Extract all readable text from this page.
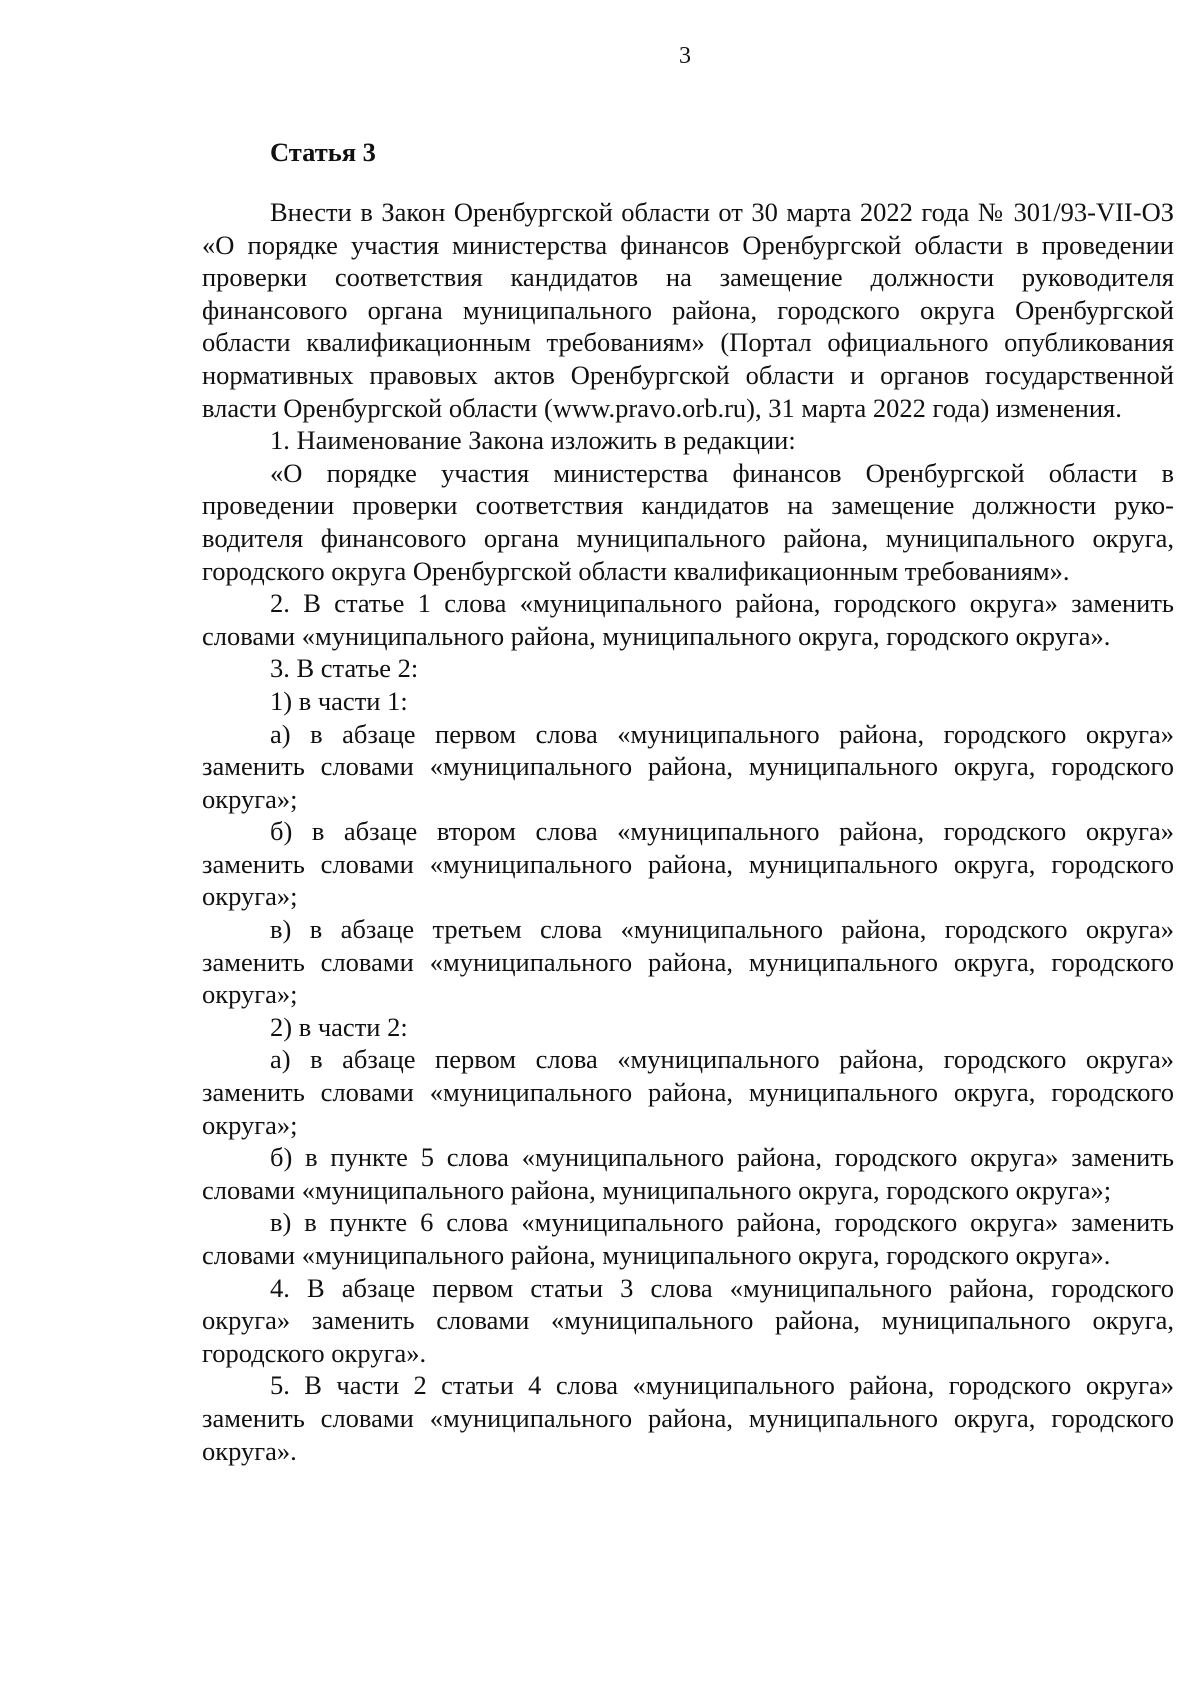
3
Статья 3

Внести в Закон Оренбургской области от 30 марта 2022 года № 301/93-VII-ОЗ «О порядке участия министерства финансов Оренбургской области в проведении проверки соответствия кандидатов на замещение должности руководителя финансового органа муниципального района, городского округа Оренбургской области квалификационным требованиям» (Портал официального опубликования нормативных правовых актов Оренбургской области и органов государственной власти Оренбургской области (www.pravo.orb.ru), 31 марта 2022 года) изменения.

1. Наименование Закона изложить в редакции:

«О порядке участия министерства финансов Оренбургской области в проведении проверки соответствия кандидатов на замещение должности руководителя финансового органа муниципального района, муниципального округа, городского округа Оренбургской области квалификационным требованиям».

2. В статье 1 слова «муниципального района, городского округа» заменить словами «муниципального района, муниципального округа, городского округа».

3. В статье 2:

1) в части 1:

а) в абзаце первом слова «муниципального района, городского округа» заменить словами «муниципального района, муниципального округа, городского округа»;

б) в абзаце втором слова «муниципального района, городского округа» заменить словами «муниципального района, муниципального округа, городского округа»;

в) в абзаце третьем слова «муниципального района, городского округа» заменить словами «муниципального района, муниципального округа, городского округа»;

2) в части 2:

а) в абзаце первом слова «муниципального района, городского округа» заменить словами «муниципального района, муниципального округа, городского округа»;

б) в пункте 5 слова «муниципального района, городского округа» заменить словами «муниципального района, муниципального округа, городского округа»;

в) в пункте 6 слова «муниципального района, городского округа» заменить словами «муниципального района, муниципального округа, городского округа».

4. В абзаце первом статьи 3 слова «муниципального района, городского округа» заменить словами «муниципального района, муниципального округа, городского округа».

5. В части 2 статьи 4 слова «муниципального района, городского округа» заменить словами «муниципального района, муниципального округа, городского округа».
